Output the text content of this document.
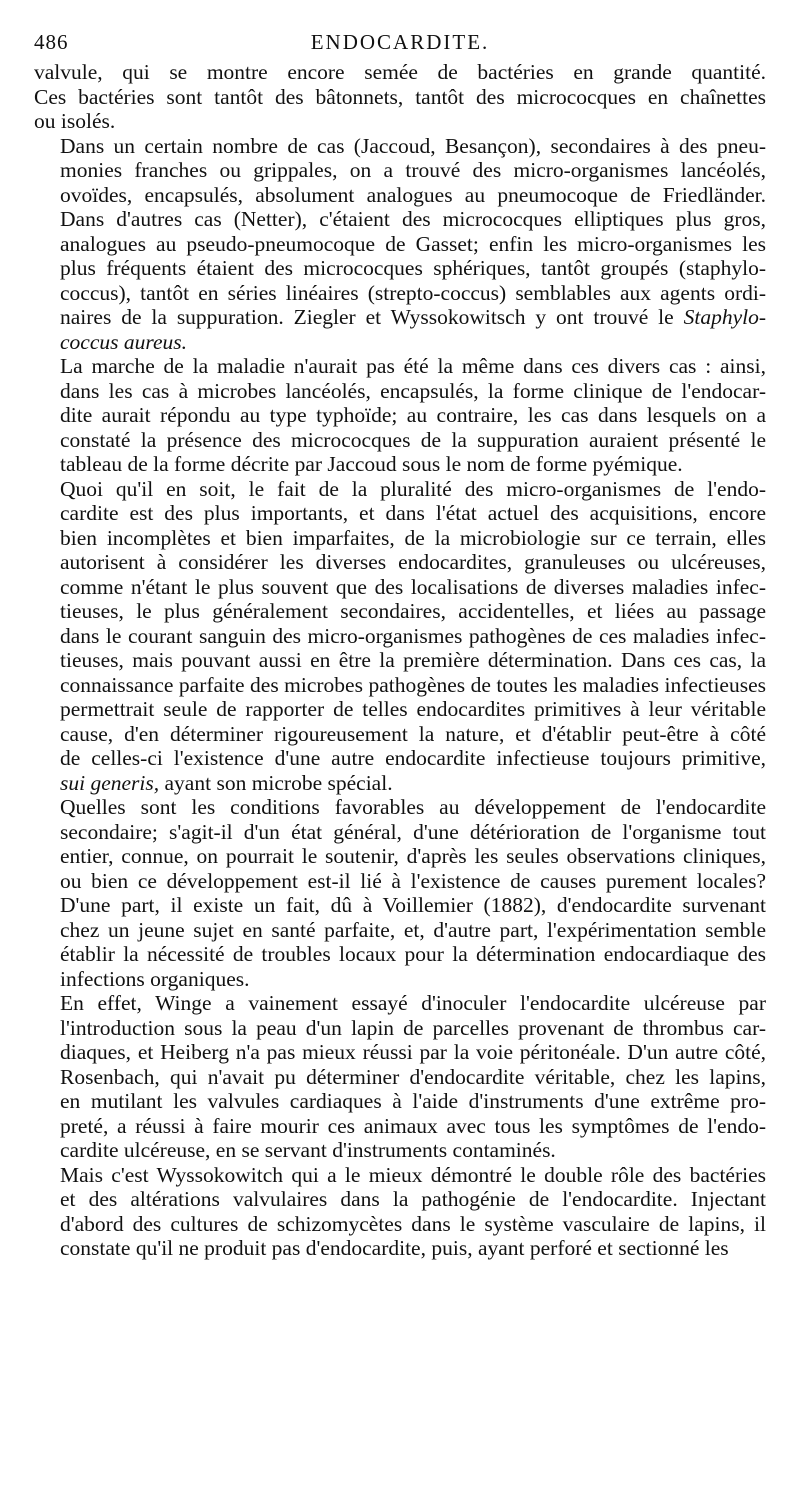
486	ENDOCARDITE.

valvule, qui se montre encore semée de bactéries en grande quantité.
Ces bactéries sont tantôt des bâtonnets, tantôt des micrococques en chaînettes
ou isolés.

Dans un certain nombre de cas (Jaccoud, Besançon), secondaires à des pneu-
monies franches ou grippales, on a trouvé des micro-organismes lancéolés,
ovoïdes, encapsulés, absolument analogues au pneumocoque de Friedländer.
Dans d'autres cas (Netter), c'étaient des micrococques elliptiques plus gros,
analogues au pseudo-pneumocoque de Gasset; enfin les micro-organismes les
plus fréquents étaient des micrococques sphériques, tantôt groupés (staphylo-
coccus), tantôt en séries linéaires (strepto-coccus) semblables aux agents ordi-
naires de la suppuration. Ziegler et Wyssokowitsch y ont trouvé le Staphylo-
coccus aureus.

La marche de la maladie n'aurait pas été la même dans ces divers cas : ainsi,
dans les cas à microbes lancéolés, encapsulés, la forme clinique de l'endocar-
dite aurait répondu au type typhoïde; au contraire, les cas dans lesquels on a
constaté la présence des micrococques de la suppuration auraient présenté le
tableau de la forme décrite par Jaccoud sous le nom de forme pyémique.

Quoi qu'il en soit, le fait de la pluralité des micro-organismes de l'endo-
cardite est des plus importants, et dans l'état actuel des acquisitions, encore
bien incomplètes et bien imparfaites, de la microbiologie sur ce terrain, elles
autorisent à considérer les diverses endocardites, granuleuses ou ulcéreuses,
comme n'étant le plus souvent que des localisations de diverses maladies infec-
tieuses, le plus généralement secondaires, accidentelles, et liées au passage
dans le courant sanguin des micro-organismes pathogènes de ces maladies infec-
tieuses, mais pouvant aussi en être la première détermination. Dans ces cas, la
connaissance parfaite des microbes pathogènes de toutes les maladies infectieuses
permettrait seule de rapporter de telles endocardites primitives à leur véritable
cause, d'en déterminer rigoureusement la nature, et d'établir peut-être à côté
de celles-ci l'existence d'une autre endocardite infectieuse toujours primitive,
sui generis, ayant son microbe spécial.

Quelles sont les conditions favorables au développement de l'endocardite
secondaire; s'agit-il d'un état général, d'une détérioration de l'organisme tout
entier, connue, on pourrait le soutenir, d'après les seules observations cliniques,
ou bien ce développement est-il lié à l'existence de causes purement locales?
D'une part, il existe un fait, dû à Voillemier (1882), d'endocardite survenant
chez un jeune sujet en santé parfaite, et, d'autre part, l'expérimentation semble
établir la nécessité de troubles locaux pour la détermination endocardiaque des
infections organiques.

En effet, Winge a vainement essayé d'inoculer l'endocardite ulcéreuse par
l'introduction sous la peau d'un lapin de parcelles provenant de thrombus car-
diaques, et Heiberg n'a pas mieux réussi par la voie péritonéale. D'un autre côté,
Rosenbach, qui n'avait pu déterminer d'endocardite véritable, chez les lapins,
en mutilant les valvules cardiaques à l'aide d'instruments d'une extrême pro-
preté, a réussi à faire mourir ces animaux avec tous les symptômes de l'endo-
cardite ulcéreuse, en se servant d'instruments contaminés.

Mais c'est Wyssokowitch qui a le mieux démontré le double rôle des bactéries
et des altérations valvulaires dans la pathogénie de l'endocardite. Injectant
d'abord des cultures de schizomycètes dans le système vasculaire de lapins, il
constate qu'il ne produit pas d'endocardite, puis, ayant perforé et sectionné les
